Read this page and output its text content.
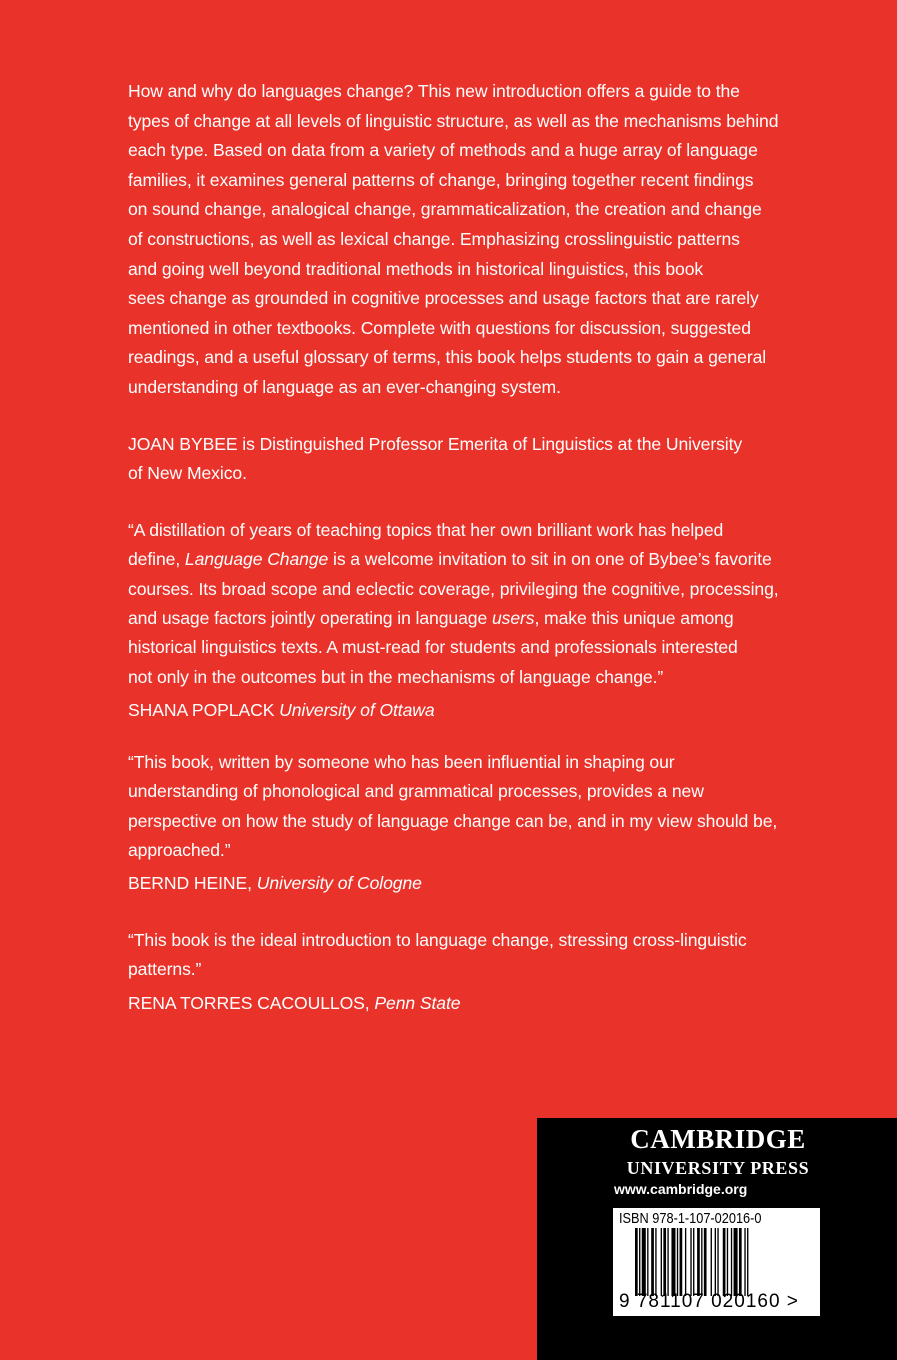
How and why do languages change? This new introduction offers a guide to the
types of change at all levels of linguistic structure, as well as the mechanisms behind
each type. Based on data from a variety of methods and a huge array of language
families, it examines general patterns of change, bringing together recent findings
on sound change, analogical change, grammaticalization, the creation and change
of constructions, as well as lexical change. Emphasizing crosslinguistic patterns
and going well beyond traditional methods in historical linguistics, this book
sees change as grounded in cognitive processes and usage factors that are rarely
mentioned in other textbooks. Complete with questions for discussion, suggested
readings, and a useful glossary of terms, this book helps students to gain a general
understanding of language as an ever-changing system.
JOAN BYBEE is Distinguished Professor Emerita of Linguistics at the University
of New Mexico.
“A distillation of years of teaching topics that her own brilliant work has helped
define, Language Change is a welcome invitation to sit in on one of Bybee’s favorite
courses. Its broad scope and eclectic coverage, privileging the cognitive, processing,
and usage factors jointly operating in language users, make this unique among
historical linguistics texts. A must-read for students and professionals interested
not only in the outcomes but in the mechanisms of language change.”
SHANA POPLACK University of Ottawa
“This book, written by someone who has been influential in shaping our
understanding of phonological and grammatical processes, provides a new
perspective on how the study of language change can be, and in my view should be,
approached.”
BERND HEINE, University of Cologne
“This book is the ideal introduction to language change, stressing cross-linguistic
patterns.”
RENA TORRES CACOULLOS, Penn State
CAMBRIDGE
UNIVERSITY PRESS
www.cambridge.org
ISBN 978-1-107-02016-0
9 781107 020160 >
